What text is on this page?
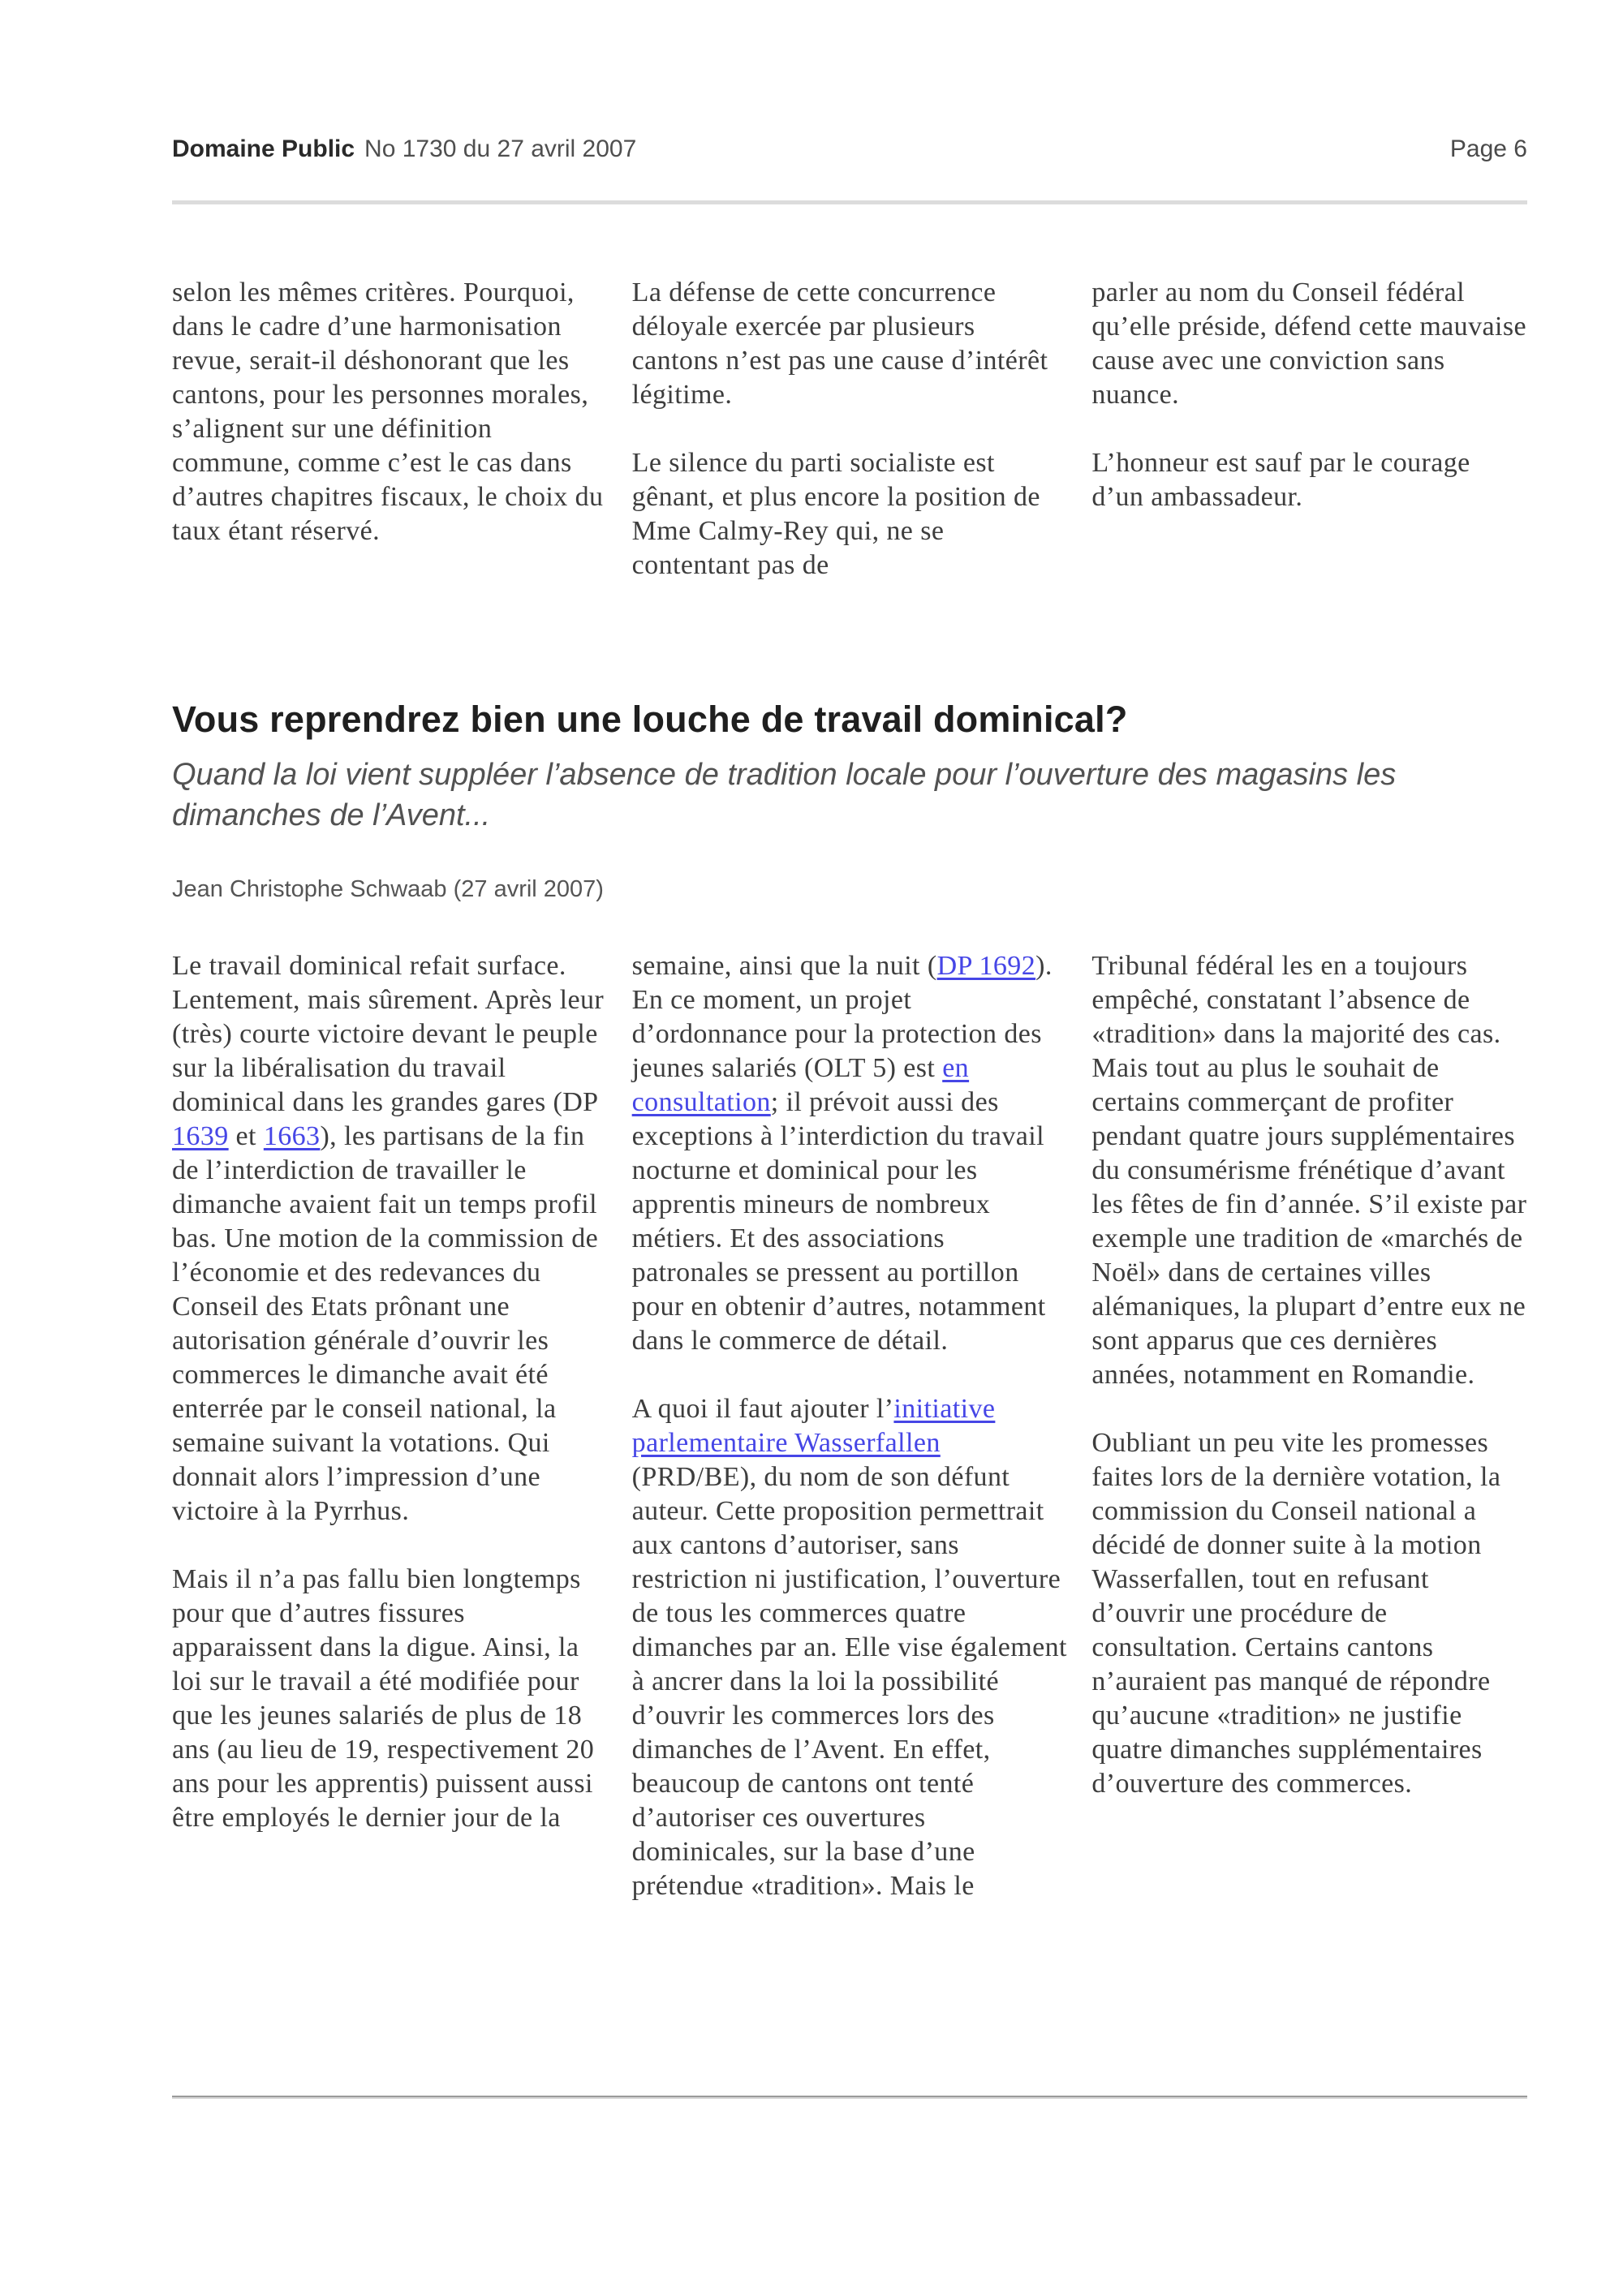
Domaine Public No 1730 du 27 avril 2007	Page 6

selon les mêmes critères. Pourquoi, dans le cadre d’une harmonisation revue, serait-il déshonorant que les cantons, pour les personnes morales, s’alignent sur une définition commune, comme c’est le cas dans d’autres chapitres fiscaux, le choix du taux étant réservé.

La défense de cette concurrence déloyale exercée par plusieurs cantons n’est pas une cause d’intérêt légitime.

Le silence du parti socialiste est gênant, et plus encore la position de Mme Calmy-Rey qui, ne se contentant pas de

parler au nom du Conseil fédéral qu’elle préside, défend cette mauvaise cause avec une conviction sans nuance.

L’honneur est sauf par le courage d’un ambassadeur.

Vous reprendrez bien une louche de travail dominical?

Quand la loi vient suppléer l’absence de tradition locale pour l’ouverture des magasins les dimanches de l’Avent...

Jean Christophe Schwaab (27 avril 2007)

Le travail dominical refait surface. Lentement, mais sûrement. Après leur (très) courte victoire devant le peuple sur la libéralisation du travail dominical dans les grandes gares (DP 1639 et 1663), les partisans de la fin de l’interdiction de travailler le dimanche avaient fait un temps profil bas. Une motion de la commission de l’économie et des redevances du Conseil des Etats prônant une autorisation générale d’ouvrir les commerces le dimanche avait été enterrée par le conseil national, la semaine suivant la votations. Qui donnait alors l’impression d’une victoire à la Pyrrhus.

Mais il n’a pas fallu bien longtemps pour que d’autres fissures apparaissent dans la digue. Ainsi, la loi sur le travail a été modifiée pour que les jeunes salariés de plus de 18 ans (au lieu de 19, respectivement 20 ans pour les apprentis) puissent aussi être employés le dernier jour de la

semaine, ainsi que la nuit (DP 1692). En ce moment, un projet d’ordonnance pour la protection des jeunes salariés (OLT 5) est en consultation; il prévoit aussi des exceptions à l’interdiction du travail nocturne et dominical pour les apprentis mineurs de nombreux métiers. Et des associations patronales se pressent au portillon pour en obtenir d’autres, notamment dans le commerce de détail.

A quoi il faut ajouter l’initiative parlementaire Wasserfallen (PRD/BE), du nom de son défunt auteur. Cette proposition permettrait aux cantons d’autoriser, sans restriction ni justification, l’ouverture de tous les commerces quatre dimanches par an. Elle vise également à ancrer dans la loi la possibilité d’ouvrir les commerces lors des dimanches de l’Avent. En effet, beaucoup de cantons ont tenté d’autoriser ces ouvertures dominicales, sur la base d’une prétendue «tradition». Mais le

Tribunal fédéral les en a toujours empêché, constatant l’absence de «tradition» dans la majorité des cas. Mais tout au plus le souhait de certains commerçant de profiter pendant quatre jours supplémentaires du consumérisme frénétique d’avant les fêtes de fin d’année. S’il existe par exemple une tradition de «marchés de Noël» dans de certaines villes alémaniques, la plupart d’entre eux ne sont apparus que ces dernières années, notamment en Romandie.

Oubliant un peu vite les promesses faites lors de la dernière votation, la commission du Conseil national a décidé de donner suite à la motion Wasserfallen, tout en refusant d’ouvrir une procédure de consultation. Certains cantons n’auraient pas manqué de répondre qu’aucune «tradition» ne justifie quatre dimanches supplémentaires d’ouverture des commerces.
